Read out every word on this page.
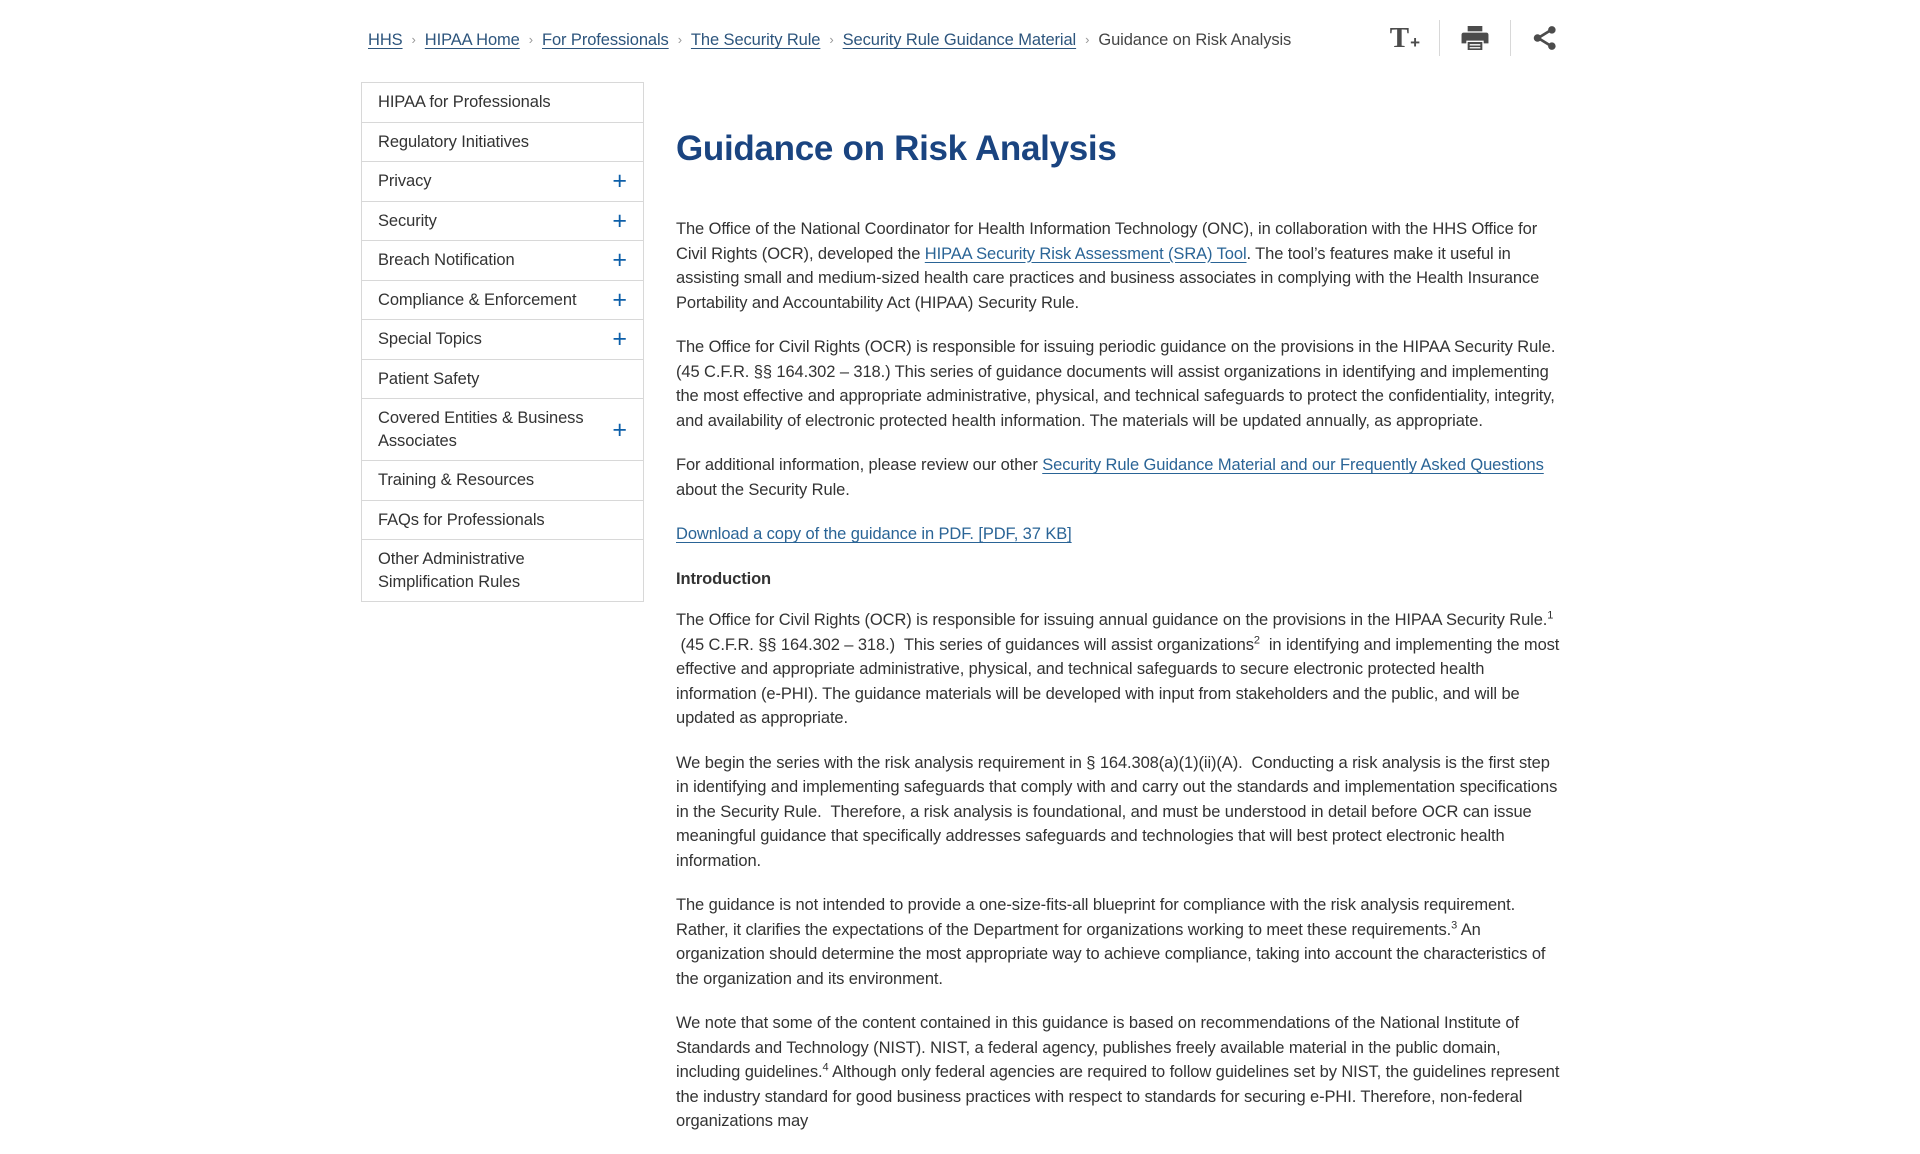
HHS › HIPAA Home › For Professionals › The Security Rule › Security Rule Guidance Material › Guidance on Risk Analysis	T +
HIPAA for Professionals
Regulatory Initiatives
Privacy	+
Security	+
Breach Notification	+
Compliance & Enforcement	+
Special Topics	+
Patient Safety
Covered Entities & Business Associates	+
Training & Resources
FAQs for Professionals
Other Administrative Simplification Rules
Guidance on Risk Analysis

The Office of the National Coordinator for Health Information Technology (ONC), in collaboration with the HHS Office for Civil Rights (OCR), developed the HIPAA Security Risk Assessment (SRA) Tool. The tool’s features make it useful in assisting small and medium-sized health care practices and business associates in complying with the Health Insurance Portability and Accountability Act (HIPAA) Security Rule.

The Office for Civil Rights (OCR) is responsible for issuing periodic guidance on the provisions in the HIPAA Security Rule. (45 C.F.R. §§ 164.302 – 318.) This series of guidance documents will assist organizations in identifying and implementing the most effective and appropriate administrative, physical, and technical safeguards to protect the confidentiality, integrity, and availability of electronic protected health information. The materials will be updated annually, as appropriate.

For additional information, please review our other Security Rule Guidance Material and our Frequently Asked Questions about the Security Rule.

Download a copy of the guidance in PDF. [PDF, 37 KB]

Introduction

The Office for Civil Rights (OCR) is responsible for issuing annual guidance on the provisions in the HIPAA Security Rule.$^1$  (45 C.F.R. §§ 164.302 – 318.)  This series of guidances will assist organizations$^2$  in identifying and implementing the most effective and appropriate administrative, physical, and technical safeguards to secure electronic protected health information (e-PHI). The guidance materials will be developed with input from stakeholders and the public, and will be updated as appropriate.

We begin the series with the risk analysis requirement in § 164.308(a)(1)(ii)(A).  Conducting a risk analysis is the first step in identifying and implementing safeguards that comply with and carry out the standards and implementation specifications in the Security Rule.  Therefore, a risk analysis is foundational, and must be understood in detail before OCR can issue meaningful guidance that specifically addresses safeguards and technologies that will best protect electronic health information.

The guidance is not intended to provide a one-size-fits-all blueprint for compliance with the risk analysis requirement. Rather, it clarifies the expectations of the Department for organizations working to meet these requirements.$^3$ An organization should determine the most appropriate way to achieve compliance, taking into account the characteristics of the organization and its environment.

We note that some of the content contained in this guidance is based on recommendations of the National Institute of Standards and Technology (NIST). NIST, a federal agency, publishes freely available material in the public domain, including guidelines.$^4$ Although only federal agencies are required to follow guidelines set by NIST, the guidelines represent the industry standard for good business practices with respect to standards for securing e-PHI. Therefore, non-federal organizations may
